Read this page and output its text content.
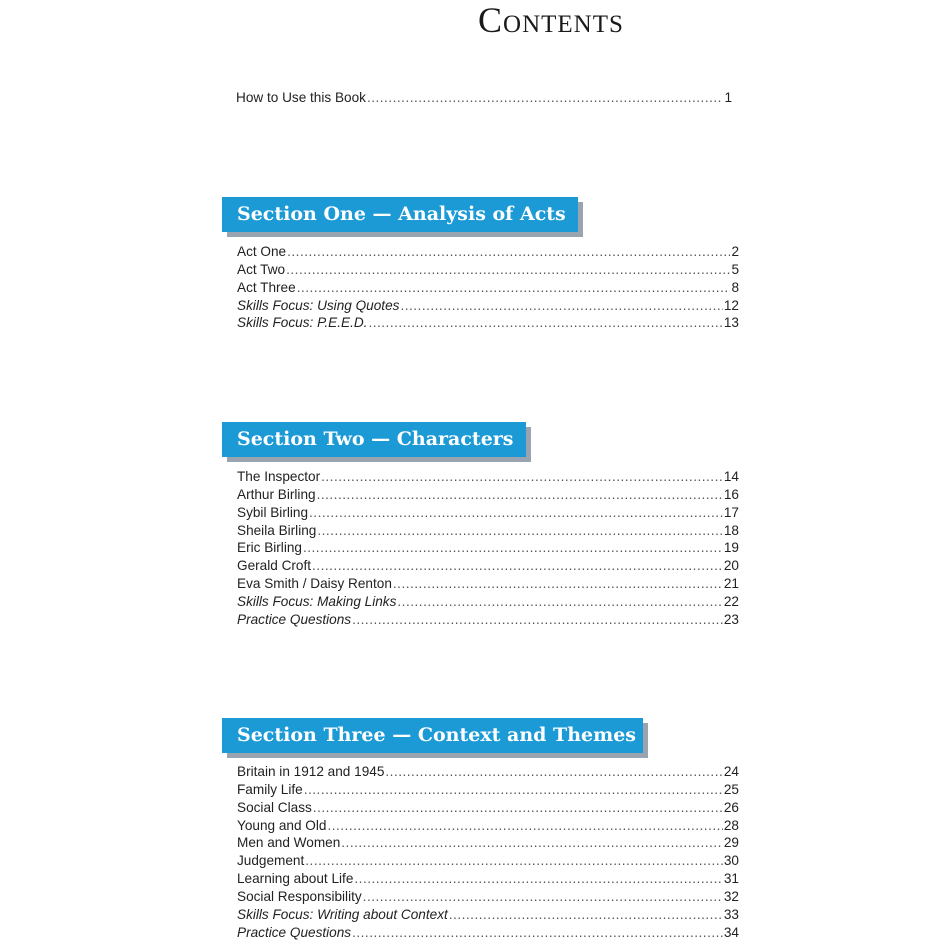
Contents
How to Use this Book .....	1
Section One — Analysis of Acts
Section Two — Characters
Section Three — Context and Themes
Act One .....	2
Act Two .....	5
Act Three .....	8
Skills Focus: Using Quotes .....	12
Skills Focus: P.E.E.D. .....	13
The Inspector .....	14
Arthur Birling .....	16
Sybil Birling .....	17
Sheila Birling .....	18
Eric Birling .....	19
Gerald Croft .....	20
Eva Smith / Daisy Renton .....	21
Skills Focus: Making Links .....	22
Practice Questions .....	23
Britain in 1912 and 1945 .....	24
Family Life .....	25
Social Class .....	26
Young and Old .....	28
Men and Women .....	29
Judgement .....	30
Learning about Life .....	31
Social Responsibility .....	32
Skills Focus: Writing about Context .....	33
Practice Questions .....	34
